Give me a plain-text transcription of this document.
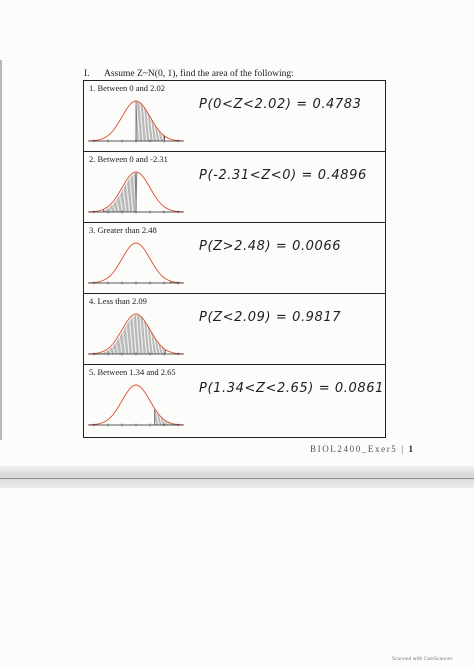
I. Assume Z~N(0, 1), find the area of the following:
1. Between 0 and 2.02
P(0<Z<2.02) = 0.4783
2. Between 0 and -2.31
P(-2.31<Z<0) = 0.4896
3. Greater than 2.48
P(Z>2.48) = 0.0066
4. Less than 2.09
P(Z<2.09) = 0.9817
5. Between 1.34 and 2.65
P(1.34<Z<2.65) = 0.0861
BIOL2400_Exer5 | 1
Scanned with CamScanner
